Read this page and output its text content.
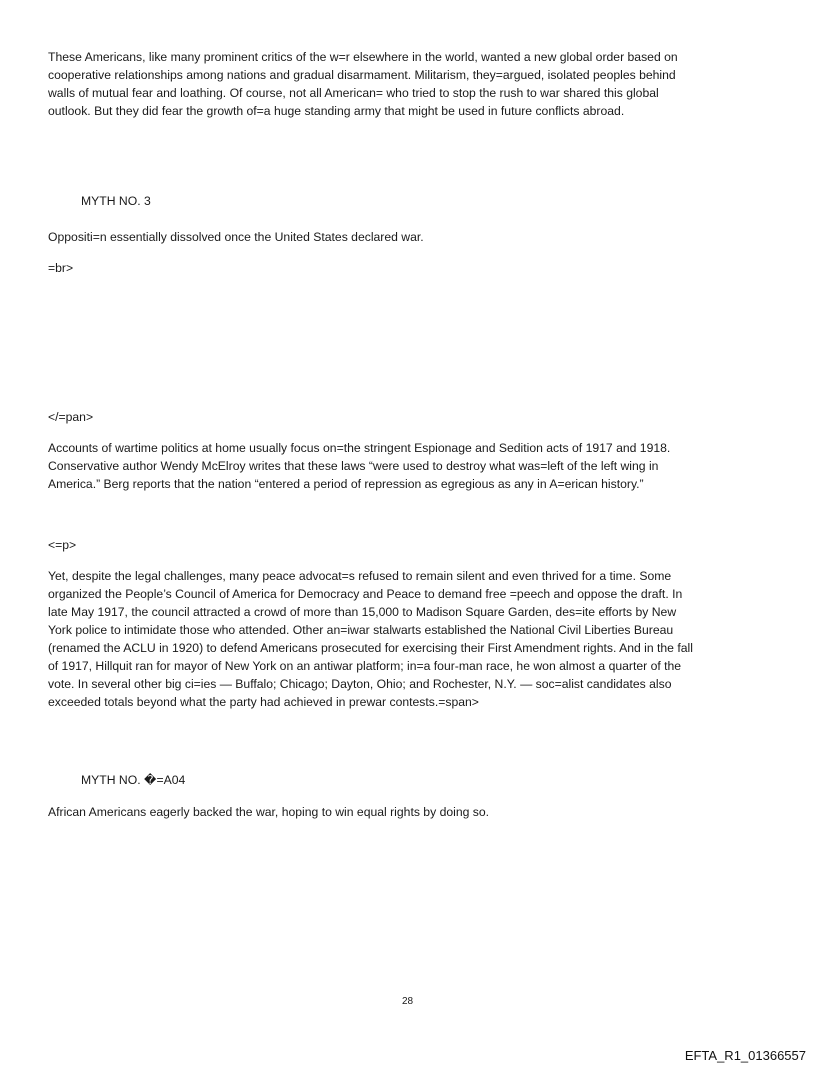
These Americans, like many prominent critics of the w=r elsewhere in the world, wanted a new global order based on
cooperative relationships among nations and gradual disarmament. Militarism, they=argued, isolated peoples behind
walls of mutual fear and loathing. Of course, not all American= who tried to stop the rush to war shared this global
outlook. But they did fear the growth of=a huge standing army that might be used in future conflicts abroad.
MYTH NO. 3
Oppositi=n essentially dissolved once the United States declared war.
=br>
</=pan>
Accounts of wartime politics at home usually focus on=the stringent Espionage and Sedition acts of 1917 and 1918.
Conservative author Wendy McElroy writes that these laws “were used to destroy what was=left of the left wing in
America.” Berg reports that the nation “entered a period of repression as egregious as any in A=erican history.”
<=p>
Yet, despite the legal challenges, many peace advocat=s refused to remain silent and even thrived for a time. Some
organized the People’s Council of America for Democracy and Peace to demand free =peech and oppose the draft. In
late May 1917, the council attracted a crowd of more than 15,000 to Madison Square Garden, des=ite efforts by New
York police to intimidate those who attended. Other an=iwar stalwarts established the National Civil Liberties Bureau
(renamed the ACLU in 1920) to defend Americans prosecuted for exercising their First Amendment rights. And in the fall
of 1917, Hillquit ran for mayor of New York on an antiwar platform; in=a four-man race, he won almost a quarter of the
vote. In several other big ci=ies — Buffalo; Chicago; Dayton, Ohio; and Rochester, N.Y. — soc=alist candidates also
exceeded totals beyond what the party had achieved in prewar contests.=span>
MYTH NO. �=A04
African Americans eagerly backed the war, hoping to win equal rights by doing so.
28
EFTA_R1_01366557
